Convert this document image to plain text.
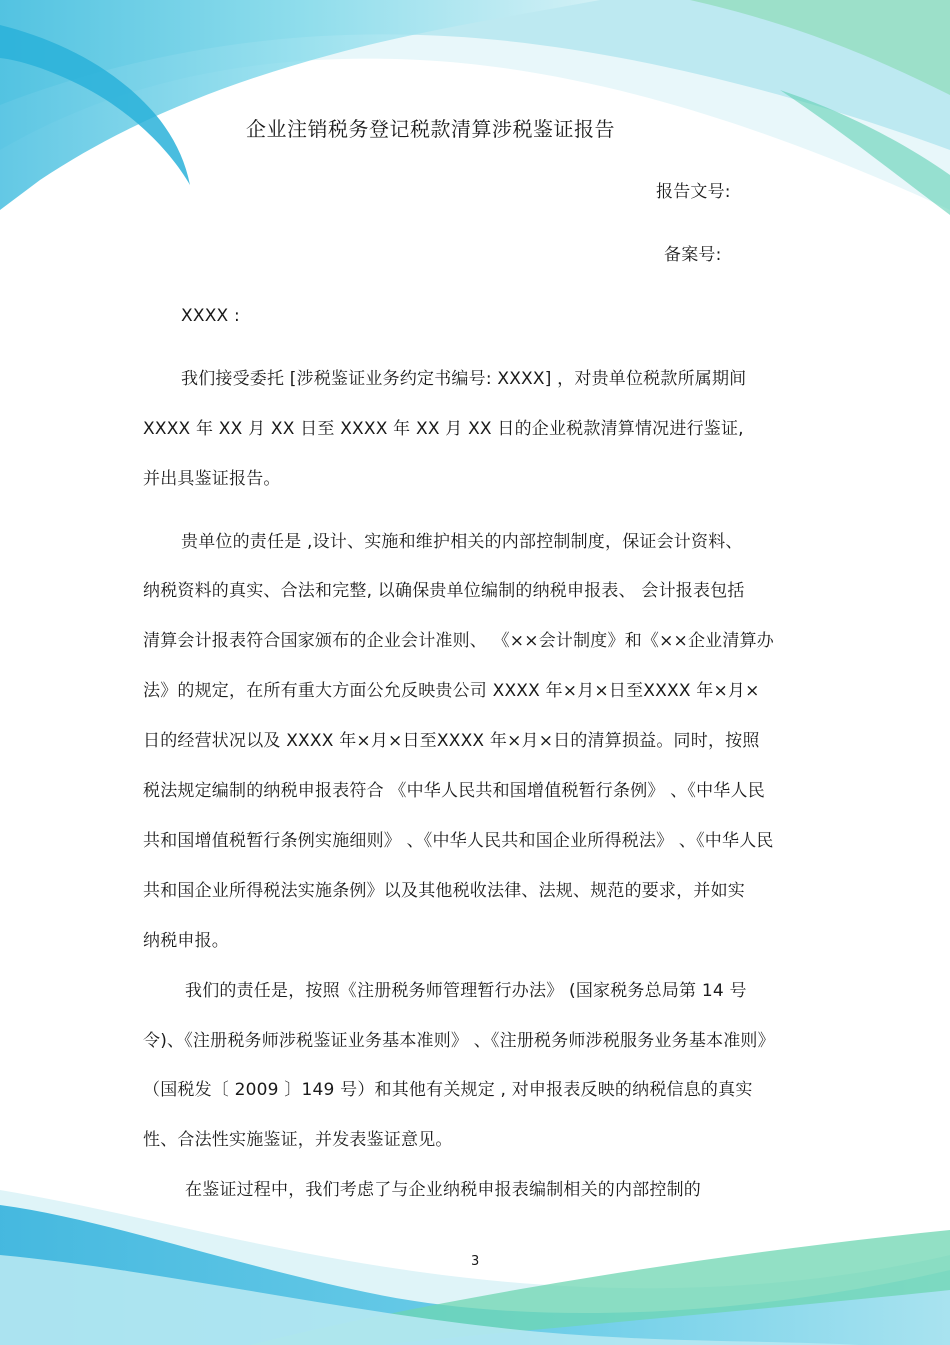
企业注销税务登记税款清算涉税鉴证报告
报告文号:
备案号:
XXXX :
我们接受委托 [涉税鉴证业务约定书编号: XXXX] ，对贵单位税款所属期间
XXXX 年 XX 月 XX 日至 XXXX 年 XX 月 XX 日的企业税款清算情况进行鉴证,
并出具鉴证报告。
贵单位的责任是 ,设计、实施和维护相关的内部控制制度，保证会计资料、
纳税资料的真实、合法和完整, 以确保贵单位编制的纳税申报表、 会计报表包括
清算会计报表符合国家颁布的企业会计准则、 《××会计制度》和《××企业清算办
法》的规定，在所有重大方面公允反映贵公司 XXXX 年×月×日至XXXX 年×月×
日的经营状况以及 XXXX 年×月×日至XXXX 年×月×日的清算损益。同时，按照
税法规定编制的纳税申报表符合 《中华人民共和国增值税暂行条例》 、《中华人民
共和国增值税暂行条例实施细则》 、《中华人民共和国企业所得税法》 、《中华人民
共和国企业所得税法实施条例》以及其他税收法律、法规、规范的要求，并如实
纳税申报。
我们的责任是，按照《注册税务师管理暂行办法》 (国家税务总局第 14 号
令)、《注册税务师涉税鉴证业务基本准则》 、《注册税务师涉税服务业务基本准则》
（国税发〔 2009 〕149 号）和其他有关规定 , 对申报表反映的纳税信息的真实
性、合法性实施鉴证，并发表鉴证意见。
在鉴证过程中，我们考虑了与企业纳税申报表编制相关的内部控制的
3
